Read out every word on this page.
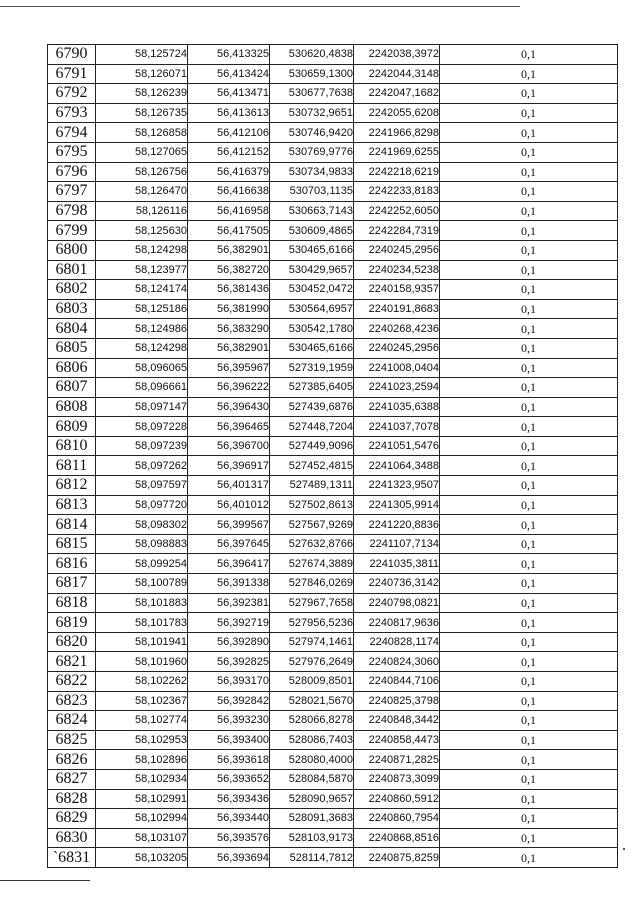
6790	58,125724	56,413325	530620,4838	2242038,3972	0,1
6791	58,126071	56,413424	530659,1300	2242044,3148	0,1
6792	58,126239	56,413471	530677,7638	2242047,1682	0,1
6793	58,126735	56,413613	530732,9651	2242055,6208	0,1
6794	58,126858	56,412106	530746,9420	2241966,8298	0,1
6795	58,127065	56,412152	530769,9776	2241969,6255	0,1
6796	58,126756	56,416379	530734,9833	2242218,6219	0,1
6797	58,126470	56,416638	530703,1135	2242233,8183	0,1
6798	58,126116	56,416958	530663,7143	2242252,6050	0,1
6799	58,125630	56,417505	530609,4865	2242284,7319	0,1
6800	58,124298	56,382901	530465,6166	2240245,2956	0,1
6801	58,123977	56,382720	530429,9657	2240234,5238	0,1
6802	58,124174	56,381436	530452,0472	2240158,9357	0,1
6803	58,125186	56,381990	530564,6957	2240191,8683	0,1
6804	58,124986	56,383290	530542,1780	2240268,4236	0,1
6805	58,124298	56,382901	530465,6166	2240245,2956	0,1
6806	58,096065	56,395967	527319,1959	2241008,0404	0,1
6807	58,096661	56,396222	527385,6405	2241023,2594	0,1
6808	58,097147	56,396430	527439,6876	2241035,6388	0,1
6809	58,097228	56,396465	527448,7204	2241037,7078	0,1
6810	58,097239	56,396700	527449,9096	2241051,5476	0,1
6811	58,097262	56,396917	527452,4815	2241064,3488	0,1
6812	58,097597	56,401317	527489,1311	2241323,9507	0,1
6813	58,097720	56,401012	527502,8613	2241305,9914	0,1
6814	58,098302	56,399567	527567,9269	2241220,8836	0,1
6815	58,098883	56,397645	527632,8766	2241107,7134	0,1
6816	58,099254	56,396417	527674,3889	2241035,3811	0,1
6817	58,100789	56,391338	527846,0269	2240736,3142	0,1
6818	58,101883	56,392381	527967,7658	2240798,0821	0,1
6819	58,101783	56,392719	527956,5236	2240817,9636	0,1
6820	58,101941	56,392890	527974,1461	2240828,1174	0,1
6821	58,101960	56,392825	527976,2649	2240824,3060	0,1
6822	58,102262	56,393170	528009,8501	2240844,7106	0,1
6823	58,102367	56,392842	528021,5670	2240825,3798	0,1
6824	58,102774	56,393230	528066,8278	2240848,3442	0,1
6825	58,102953	56,393400	528086,7403	2240858,4473	0,1
6826	58,102896	56,393618	528080,4000	2240871,2825	0,1
6827	58,102934	56,393652	528084,5870	2240873,3099	0,1
6828	58,102991	56,393436	528090,9657	2240860,5912	0,1
6829	58,102994	56,393440	528091,3683	2240860,7954	0,1
6830	58,103107	56,393576	528103,9173	2240868,8516	0,1
`6831	58,103205	56,393694	528114,7812	2240875,8259	0,1
